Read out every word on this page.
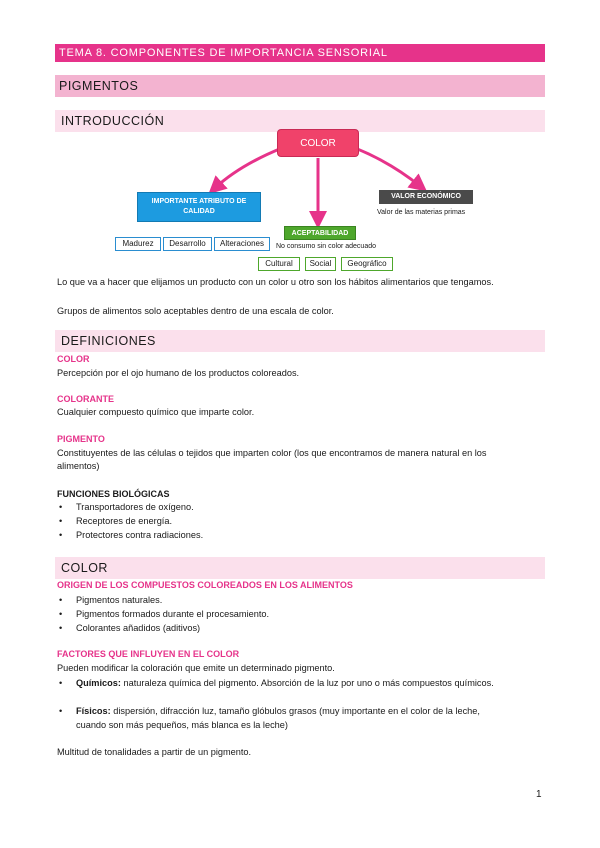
TEMA 8. COMPONENTES DE IMPORTANCIA SENSORIAL
PIGMENTOS
INTRODUCCIÓN
COLOR
IMPORTANTE ATRIBUTO DE CALIDAD
ACEPTABILIDAD
VALOR ECONÓMICO
Valor de las materias primas
No consumo sin color adecuado
Madurez	Desarrollo	Alteraciones
Cultural	Social	Geográfico
Lo que va a hacer que elijamos un producto con un color u otro son los hábitos alimentarios que tengamos.
Grupos de alimentos solo aceptables dentro de una escala de color.
DEFINICIONES
COLOR
Percepción por el ojo humano de los productos coloreados.
COLORANTE
Cualquier compuesto químico que imparte color.
PIGMENTO
Constituyentes de las células o tejidos que imparten color (los que encontramos de manera natural en los
alimentos)
FUNCIONES BIOLÓGICAS
• Transportadores de oxígeno.
• Receptores de energía.
• Protectores contra radiaciones.
COLOR
ORIGEN DE LOS COMPUESTOS COLOREADOS EN LOS ALIMENTOS
• Pigmentos naturales.
• Pigmentos formados durante el procesamiento.
• Colorantes añadidos (aditivos)
FACTORES QUE INFLUYEN EN EL COLOR
Pueden modificar la coloración que emite un determinado pigmento.
• Químicos: naturaleza química del pigmento. Absorción de la luz por uno o más compuestos químicos.
• Físicos: dispersión, difracción luz, tamaño glóbulos grasos (muy importante en el color de la leche,
cuando son más pequeños, más blanca es la leche)
Multitud de tonalidades a partir de un pigmento.
1
